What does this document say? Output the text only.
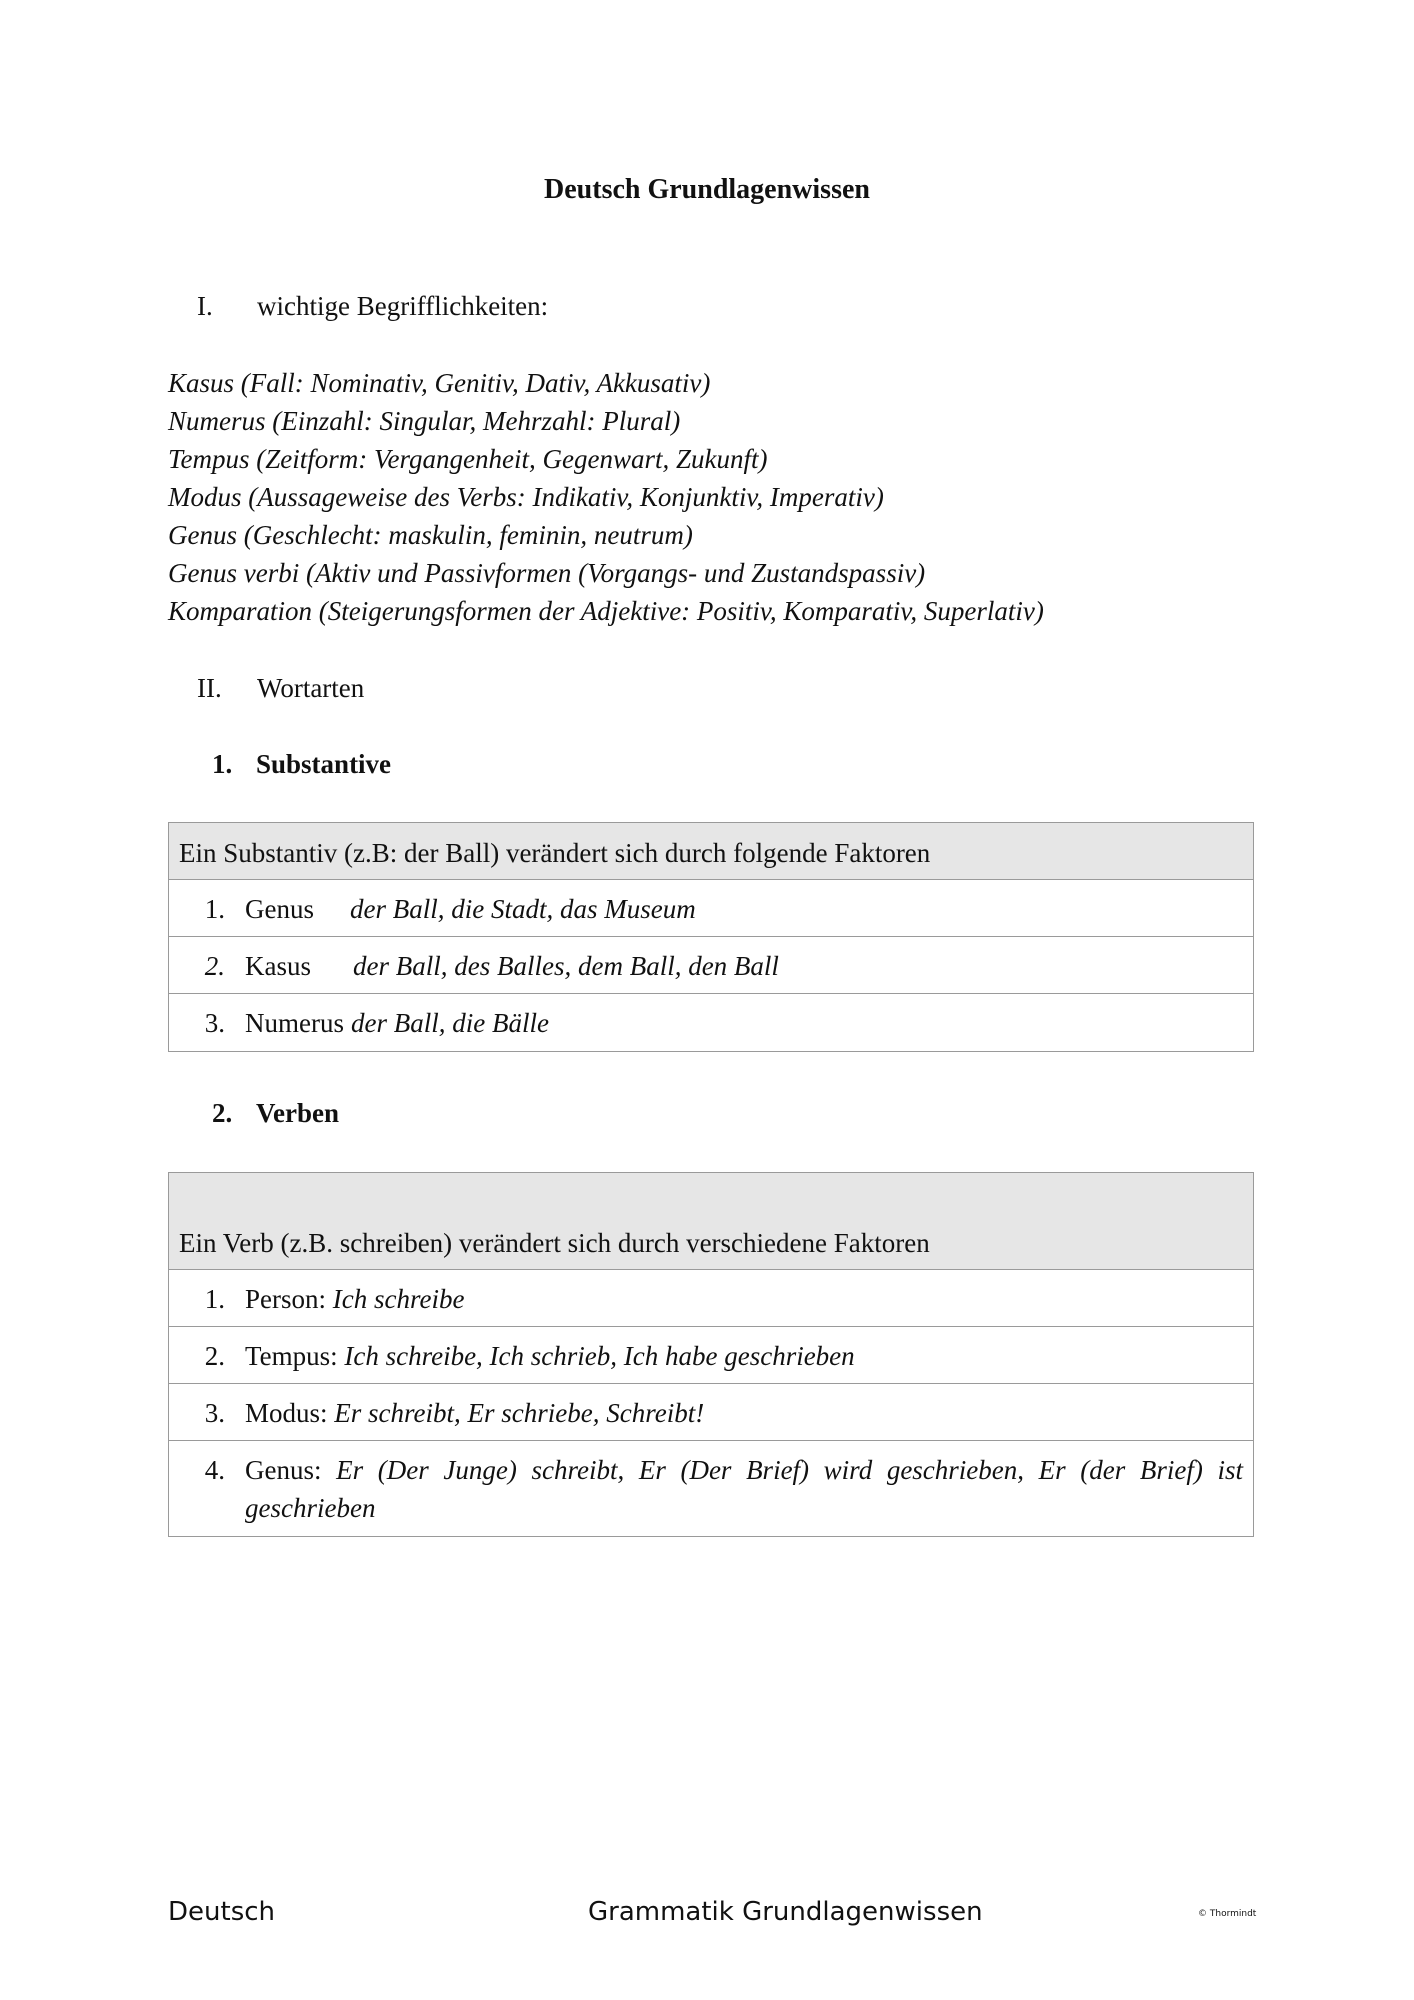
Deutsch Grundlagenwissen
I. wichtige Begrifflichkeiten:
Kasus (Fall: Nominativ, Genitiv, Dativ, Akkusativ)
Numerus (Einzahl: Singular, Mehrzahl: Plural)
Tempus (Zeitform: Vergangenheit, Gegenwart, Zukunft)
Modus (Aussageweise des Verbs: Indikativ, Konjunktiv, Imperativ)
Genus (Geschlecht: maskulin, feminin, neutrum)
Genus verbi (Aktiv und Passivformen (Vorgangs- und Zustandspassiv)
Komparation (Steigerungsformen der Adjektive: Positiv, Komparativ, Superlativ)
II. Wortarten
1. Substantive
Ein Substantiv (z.B: der Ball) verändert sich durch folgende Faktoren
1. Genus der Ball, die Stadt, das Museum
2. Kasus der Ball, des Balles, dem Ball, den Ball
3. Numerus der Ball, die Bälle
2. Verben
Ein Verb (z.B. schreiben) verändert sich durch verschiedene Faktoren
1. Person: Ich schreibe
2. Tempus: Ich schreibe, Ich schrieb, Ich habe geschrieben
3. Modus: Er schreibt, Er schriebe, Schreibt!
4. Genus: Er (Der Junge) schreibt, Er (Der Brief) wird geschrieben, Er (der Brief) ist geschrieben
Deutsch	Grammatik Grundlagenwissen	© Thormindt
